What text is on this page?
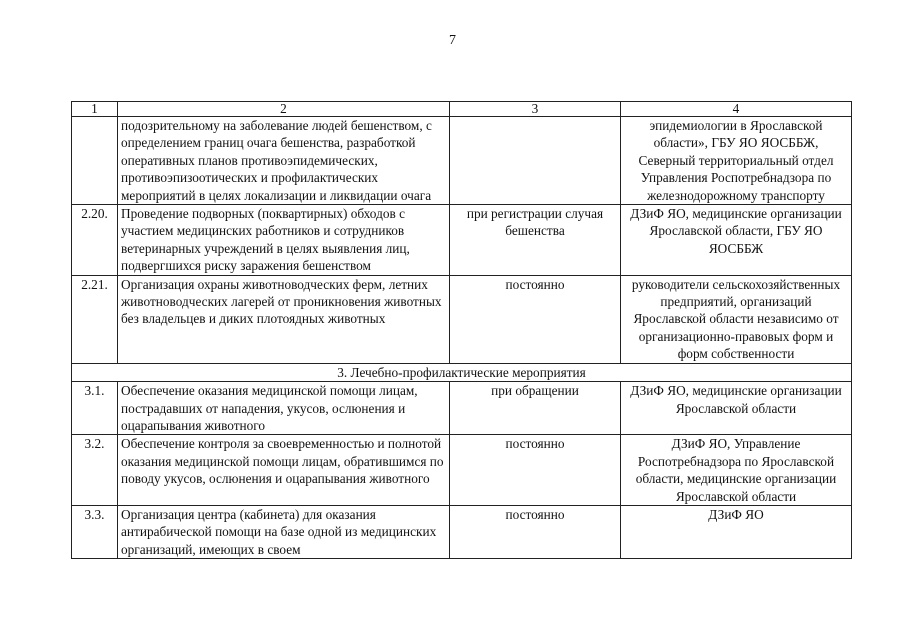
7
1	2	3	4
	подозрительному на заболевание людей бешенством, с определением границ очага бешенства, разработкой оперативных планов противоэпидемических, противоэпизоотических и профилактических мероприятий в целях локализации и ликвидации очага		эпидемиологии в Ярославской области», ГБУ ЯО ЯОСББЖ, Северный территориальный отдел Управления Роспотребнадзора по железнодорожному транспорту
2.20.	Проведение подворных (поквартирных) обходов с участием медицинских работников и сотрудников ветеринарных учреждений в целях выявления лиц, подвергшихся риску заражения бешенством	при регистрации случая бешенства	ДЗиФ ЯО, медицинские организации Ярославской области, ГБУ ЯО ЯОСББЖ
2.21.	Организация охраны животноводческих ферм, летних животноводческих лагерей от проникновения животных без владельцев и диких плотоядных животных	постоянно	руководители сельскохозяйственных предприятий, организаций Ярославской области независимо от организационно-правовых форм и форм собственности
3. Лечебно-профилактические мероприятия			
3.1.	Обеспечение оказания медицинской помощи лицам, пострадавших от нападения, укусов, ослюнения и оцарапывания животного	при обращении	ДЗиФ ЯО, медицинские организации Ярославской области
3.2.	Обеспечение контроля за своевременностью и полнотой оказания медицинской помощи лицам, обратившимся по поводу укусов, ослюнения и оцарапывания животного	постоянно	ДЗиФ ЯО, Управление Роспотребнадзора по Ярославской области, медицинские организации Ярославской области
3.3.	Организация центра (кабинета) для оказания антирабической помощи на базе одной из медицинских организаций, имеющих в своем	постоянно	ДЗиФ ЯО
